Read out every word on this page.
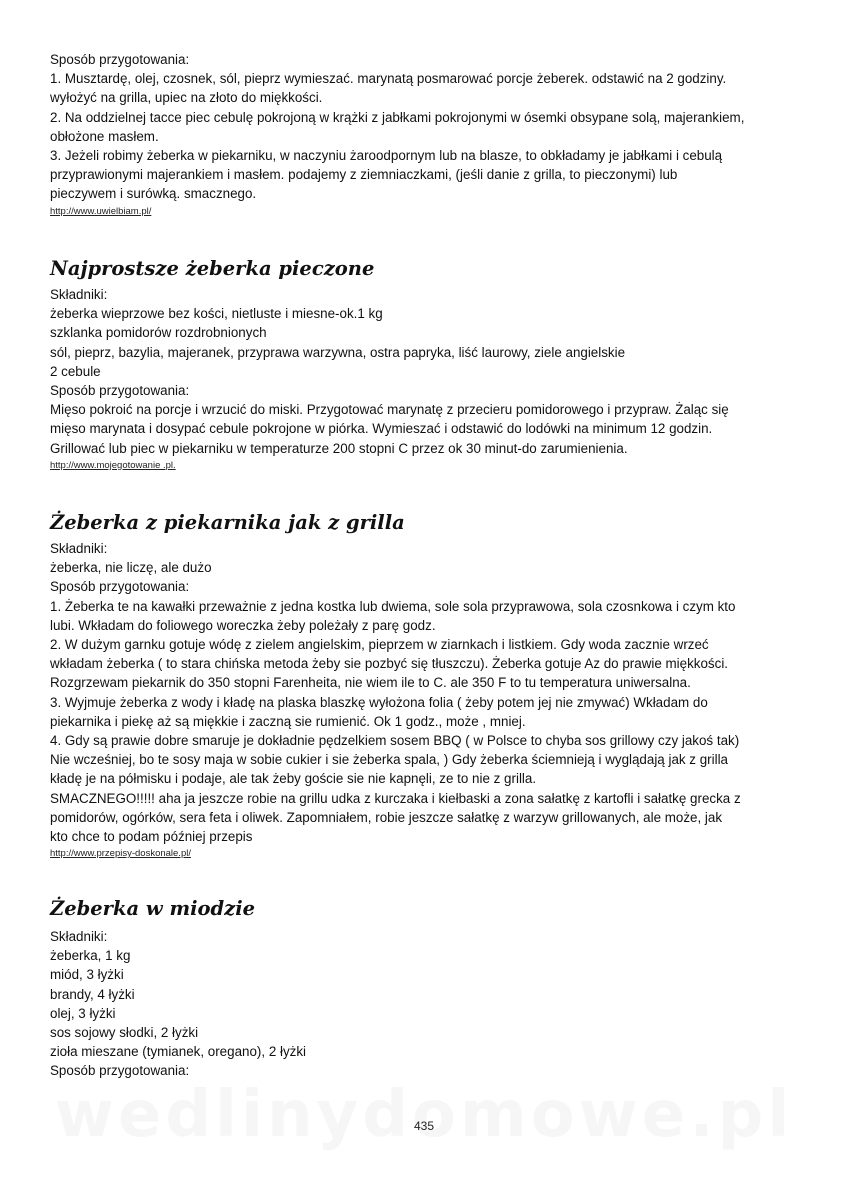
Sposób przygotowania:
1. Musztardę, olej, czosnek, sól, pieprz wymieszać. marynatą posmarować porcje żeberek. odstawić na 2 godziny.
wyłożyć na grilla, upiec na złoto do miękkości.
2. Na oddzielnej tacce piec cebulę pokrojoną w krążki z jabłkami pokrojonymi w ósemki obsypane solą, majerankiem,
obłożone masłem.
3. Jeżeli robimy żeberka w piekarniku, w naczyniu żaroodpornym lub na blasze, to obkładamy je jabłkami i cebulą
przyprawionymi majerankiem i masłem. podajemy z ziemniaczkami, (jeśli danie z grilla, to pieczonymi) lub
pieczywem i surówką. smacznego.
http://www.uwielbiam.pl/
Najprostsze żeberka pieczone
Składniki:
żeberka wieprzowe bez kości, nietluste i miesne-ok.1 kg
szklanka pomidorów rozdrobnionych
sól, pieprz, bazylia, majeranek, przyprawa warzywna, ostra papryka, liść laurowy, ziele angielskie
2 cebule
Sposób przygotowania:
Mięso pokroić na porcje i wrzucić do miski. Przygotować marynatę z przecieru pomidorowego i przypraw. Żaląc się
mięso marynata i dosypać cebule pokrojone w piórka. Wymieszać i odstawić do lodówki na minimum 12 godzin.
Grillować lub piec w piekarniku w temperaturze 200 stopni C przez ok 30 minut-do zarumienienia.
http://www.mojegotowanie .pl.
Żeberka z piekarnika jak z grilla
Składniki:
żeberka, nie liczę, ale dużo
Sposób przygotowania:
1. Żeberka te na kawałki przeważnie z jedna kostka lub dwiema, sole sola przyprawowa, sola czosnkowa i czym kto
lubi. Wkładam do foliowego woreczka żeby poleżały z parę godz.
2. W dużym garnku gotuje wódę z zielem angielskim, pieprzem w ziarnkach i listkiem. Gdy woda zacznie wrzeć
wkładam żeberka ( to stara chińska metoda żeby sie pozbyć się tłuszczu). Żeberka gotuje Az do prawie miękkości.
Rozgrzewam piekarnik do 350 stopni Farenheita, nie wiem ile to C. ale 350 F to tu temperatura uniwersalna.
3. Wyjmuje żeberka z wody i kładę na plaska blaszkę wyłożona folia ( żeby potem jej nie zmywać) Wkładam do
piekarnika i piekę aż są miękkie i zaczną sie rumienić. Ok 1 godz., może , mniej.
4. Gdy są prawie dobre smaruje je dokładnie pędzelkiem sosem BBQ ( w Polsce to chyba sos grillowy czy jakoś tak)
Nie wcześniej, bo te sosy maja w sobie cukier i sie żeberka spala, ) Gdy żeberka ściemnieją i wyglądają jak z grilla
kładę je na półmisku i podaje, ale tak żeby goście sie nie kapnęli, ze to nie z grilla.
SMACZNEGO!!!!! aha ja jeszcze robie na grillu udka z kurczaka i kiełbaski a zona sałatkę z kartofli i sałatkę grecka z
pomidorów, ogórków, sera feta i oliwek. Zapomniałem, robie jeszcze sałatkę z warzyw grillowanych, ale może, jak
kto chce to podam później przepis
http://www.przepisy-doskonale.pl/
Żeberka w miodzie
Składniki:
żeberka, 1 kg
miód, 3 łyżki
brandy, 4 łyżki
olej, 3 łyżki
sos sojowy słodki, 2 łyżki
zioła mieszane (tymianek, oregano), 2 łyżki
Sposób przygotowania:
435
